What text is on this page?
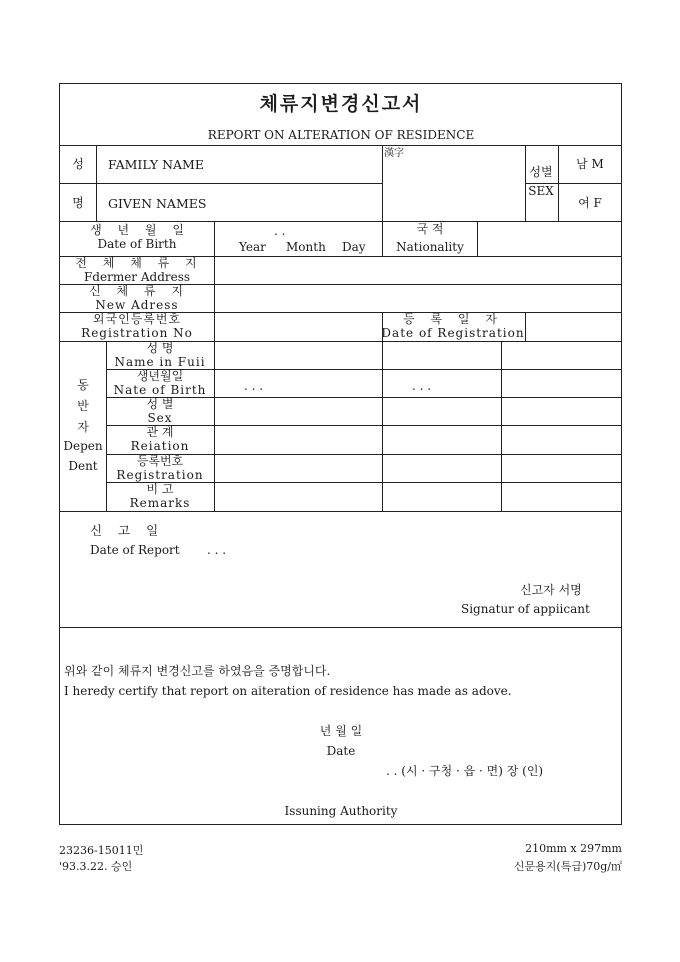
체류지변경신고서
REPORT ON ALTERATION OF RESIDENCE
성
명
FAMILY NAME
GIVEN NAMES
漢字
성별
SEX
남 M
여 F
생 년 월 일
Date of Birth
. .
Year Month Day
국 적
Nationality
전 체 체 류 지
Fdermer Address
신 체 류 지
New Adress
외국인등록번호
Registration No
등 록 일 자
Date of Registration
동
반
자
Depen
Dent
성 명
Name in Fuii
생년월일
Nate of Birth
성 별
Sex
관 계
Reiation
등록번호
Registration
비 고
Remarks
. . .	. . .
신 고 일
Date of Report . . .
신고자 서명
Signatur of appiicant
위와 같이 체류지 변경신고를 하였음을 증명합니다.
I heredy certify that report on aiteration of residence has made as adove.
년 월 일
Date
. . (시 · 구청 · 읍 · 면) 장 (인)
Issuning Authority
23236-15011민
'93.3.22. 승인
210mm x 297mm
신문용지(특급)70g/㎡
